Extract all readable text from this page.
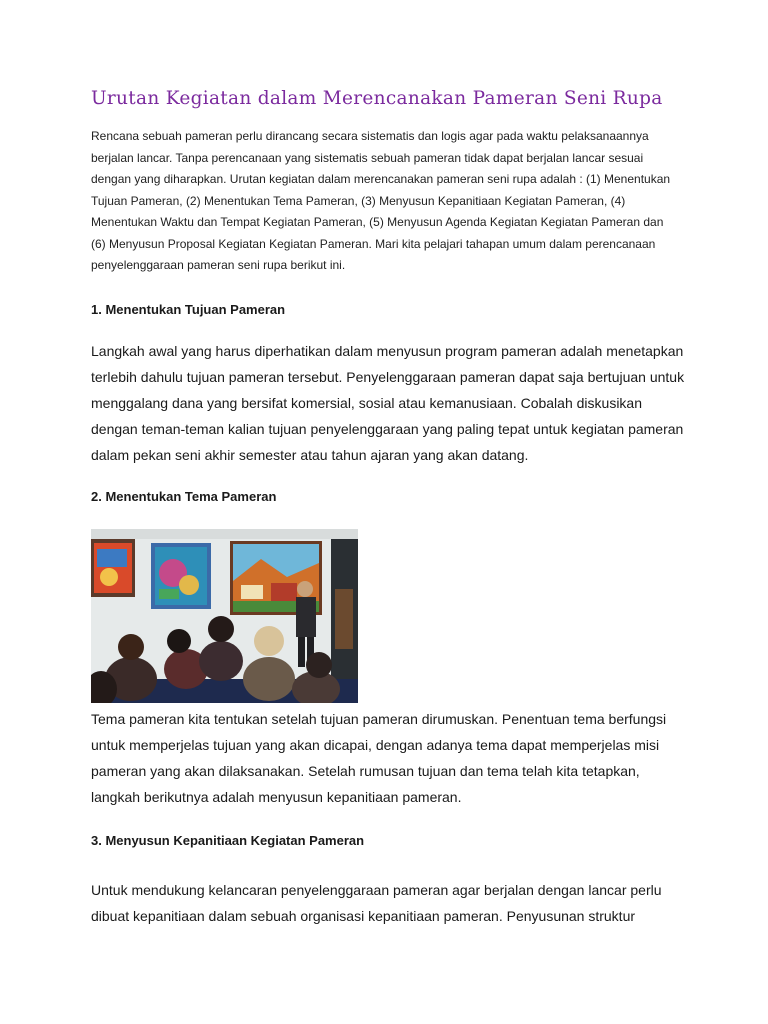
Urutan Kegiatan dalam Merencanakan Pameran Seni Rupa

Rencana sebuah pameran perlu dirancang secara sistematis dan logis agar pada waktu pelaksanaannya berjalan lancar. Tanpa perencanaan yang sistematis sebuah pameran tidak dapat berjalan lancar sesuai dengan yang diharapkan. Urutan kegiatan dalam merencanakan pameran seni rupa adalah : (1) Menentukan Tujuan Pameran, (2) Menentukan Tema Pameran, (3) Menyusun Kepanitiaan Kegiatan Pameran, (4) Menentukan Waktu dan Tempat Kegiatan Pameran, (5) Menyusun Agenda Kegiatan Kegiatan Pameran dan (6) Menyusun Proposal Kegiatan Kegiatan Pameran. Mari kita pelajari tahapan umum dalam perencanaan penyelenggaraan pameran seni rupa berikut ini.

1. Menentukan Tujuan Pameran

Langkah awal yang harus diperhatikan dalam menyusun program pameran adalah menetapkan terlebih dahulu tujuan pameran tersebut. Penyelenggaraan pameran dapat saja bertujuan untuk menggalang dana yang bersifat komersial, sosial atau kemanusiaan. Cobalah diskusikan dengan teman-teman kalian tujuan penyelenggaraan yang paling tepat untuk kegiatan pameran dalam pekan seni akhir semester atau tahun ajaran yang akan datang.

2. Menentukan Tema Pameran

Tema pameran kita tentukan setelah tujuan pameran dirumuskan. Penentuan tema berfungsi untuk memperjelas tujuan yang akan dicapai, dengan adanya tema dapat memperjelas misi pameran yang akan dilaksanakan. Setelah rumusan tujuan dan tema telah kita tetapkan, langkah berikutnya adalah menyusun kepanitiaan pameran.

3. Menyusun Kepanitiaan Kegiatan Pameran

Untuk mendukung kelancaran penyelenggaraan pameran agar berjalan dengan lancar perlu dibuat kepanitiaan dalam sebuah organisasi kepanitiaan pameran. Penyusunan struktur
